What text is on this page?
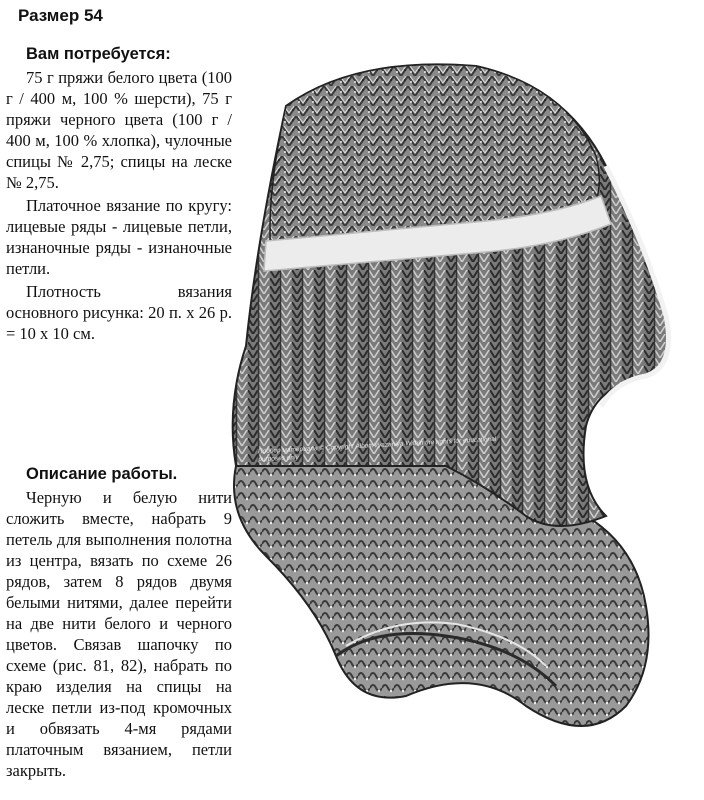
Размер 54
Вам потребуется:

75 г пряжи белого цвета (100 г / 400 м, 100 % шерсти), 75 г пряжи черного цвета (100 г / 400 м, 100 % хлопка), чулочные спицы № 2,75; спицы на леске № 2,75.

Платочное вязание по кругу: лицевые ряды - лицевые петли, изнаночные ряды - изнаночные петли.

Плотность вязания основного рисунка: 20 п. х 26 р. = 10 х 10 см.

Описание работы.

Черную и белую нити сложить вместе, набрать 9 петель для выполнения полотна из центра, вязать по схеме 26 рядов, затем 8 рядов двумя белыми нитями, далее перейти на две нити белого и черного цветов. Связав шапочку по схеме (рис. 81, 82), набрать по краю изделия на спицы на леске петли из-под кромочных и обвязать 4-мя рядами платочным вязанием, петли закрыть.

Подбор материала © Copyright AlbomVyazaniya Within the rights for educational purposes only
